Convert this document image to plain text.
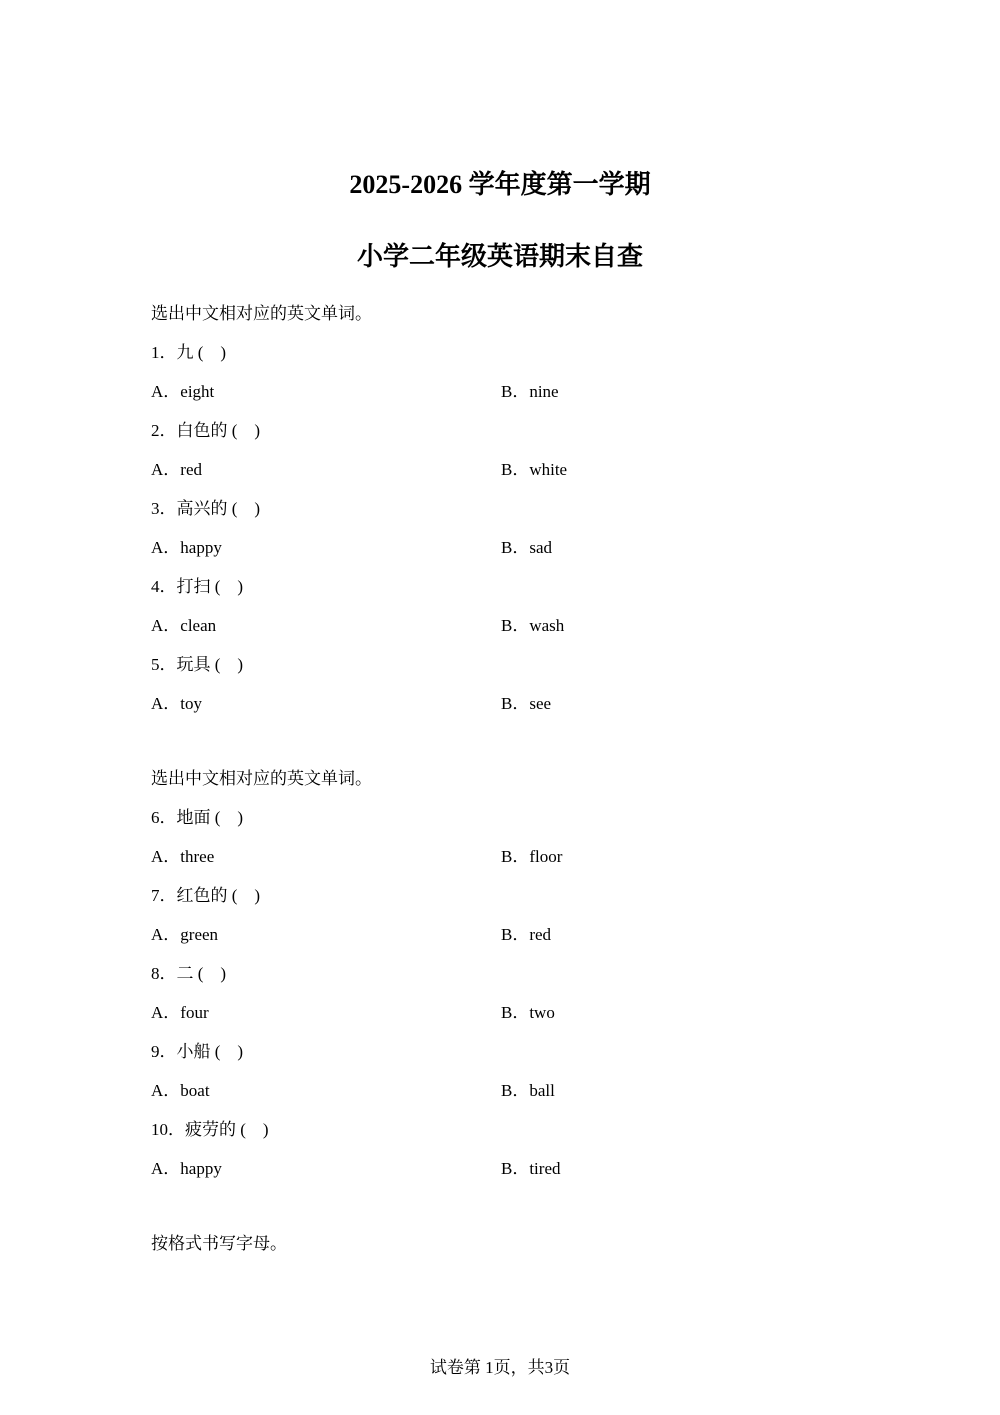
2025-2026 学年度第一学期
小学二年级英语期末自查
选出中文相对应的英文单词。
1．九 (    )
A．eight	B．nine
2．白色的 (    )
A．red	B．white
3．高兴的 (    )
A．happy	B．sad
4．打扫 (    )
A．clean	B．wash
5．玩具 (    )
A．toy	B．see
选出中文相对应的英文单词。
6．地面 (    )
A．three	B．floor
7．红色的 (    )
A．green	B．red
8．二 (    )
A．four	B．two
9．小船 (    )
A．boat	B．ball
10．疲劳的 (    )
A．happy	B．tired
按格式书写字母。
试卷第 1页，共3页
